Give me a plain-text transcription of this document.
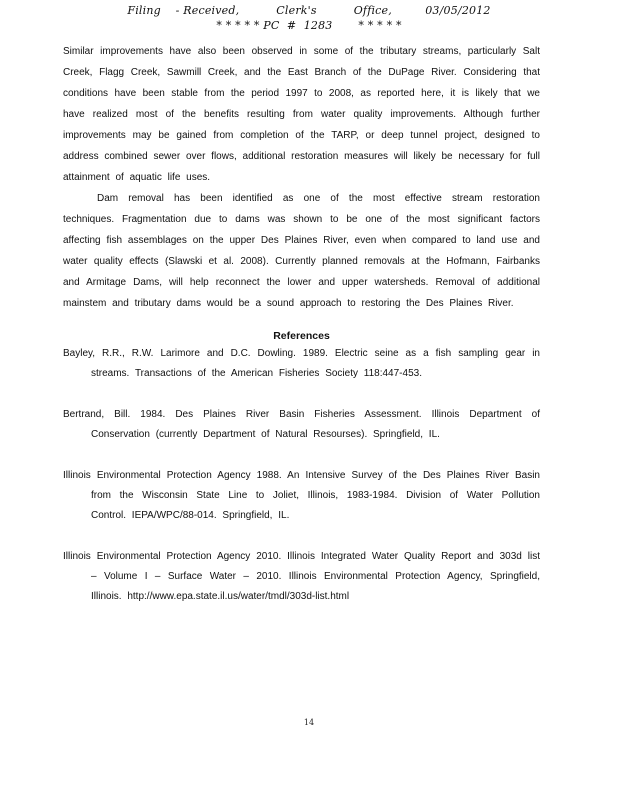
Filing    - Received,          Clerk's          Office,         03/05/2012
* * * * * PC  #  1283       * * * * *

Similar improvements have also been observed in some of the tributary streams, particularly Salt Creek, Flagg Creek, Sawmill Creek, and the East Branch of the DuPage River. Considering that conditions have been stable from the period 1997 to 2008, as reported here, it is likely that we have realized most of the benefits resulting from water quality improvements. Although further improvements may be gained from completion of the TARP, or deep tunnel project, designed to address combined sewer over flows, additional restoration measures will likely be necessary for full attainment of aquatic life uses.

Dam removal has been identified as one of the most effective stream restoration techniques. Fragmentation due to dams was shown to be one of the most significant factors affecting fish assemblages on the upper Des Plaines River, even when compared to land use and water quality effects (Slawski et al. 2008). Currently planned removals at the Hofmann, Fairbanks and Armitage Dams, will help reconnect the lower and upper watersheds. Removal of additional mainstem and tributary dams would be a sound approach to restoring the Des Plaines River.

References

Bayley, R.R., R.W. Larimore and D.C. Dowling. 1989. Electric seine as a fish sampling gear in streams. Transactions of the American Fisheries Society 118:447-453.

Bertrand, Bill. 1984. Des Plaines River Basin Fisheries Assessment. Illinois Department of Conservation (currently Department of Natural Resourses). Springfield, IL.

Illinois Environmental Protection Agency 1988. An Intensive Survey of the Des Plaines River Basin from the Wisconsin State Line to Joliet, Illinois, 1983-1984. Division of Water Pollution Control. IEPA/WPC/88-014. Springfield, IL.

Illinois Environmental Protection Agency 2010. Illinois Integrated Water Quality Report and 303d list – Volume I – Surface Water – 2010. Illinois Environmental Protection Agency, Springfield, Illinois. http://www.epa.state.il.us/water/tmdl/303d-list.html

14
